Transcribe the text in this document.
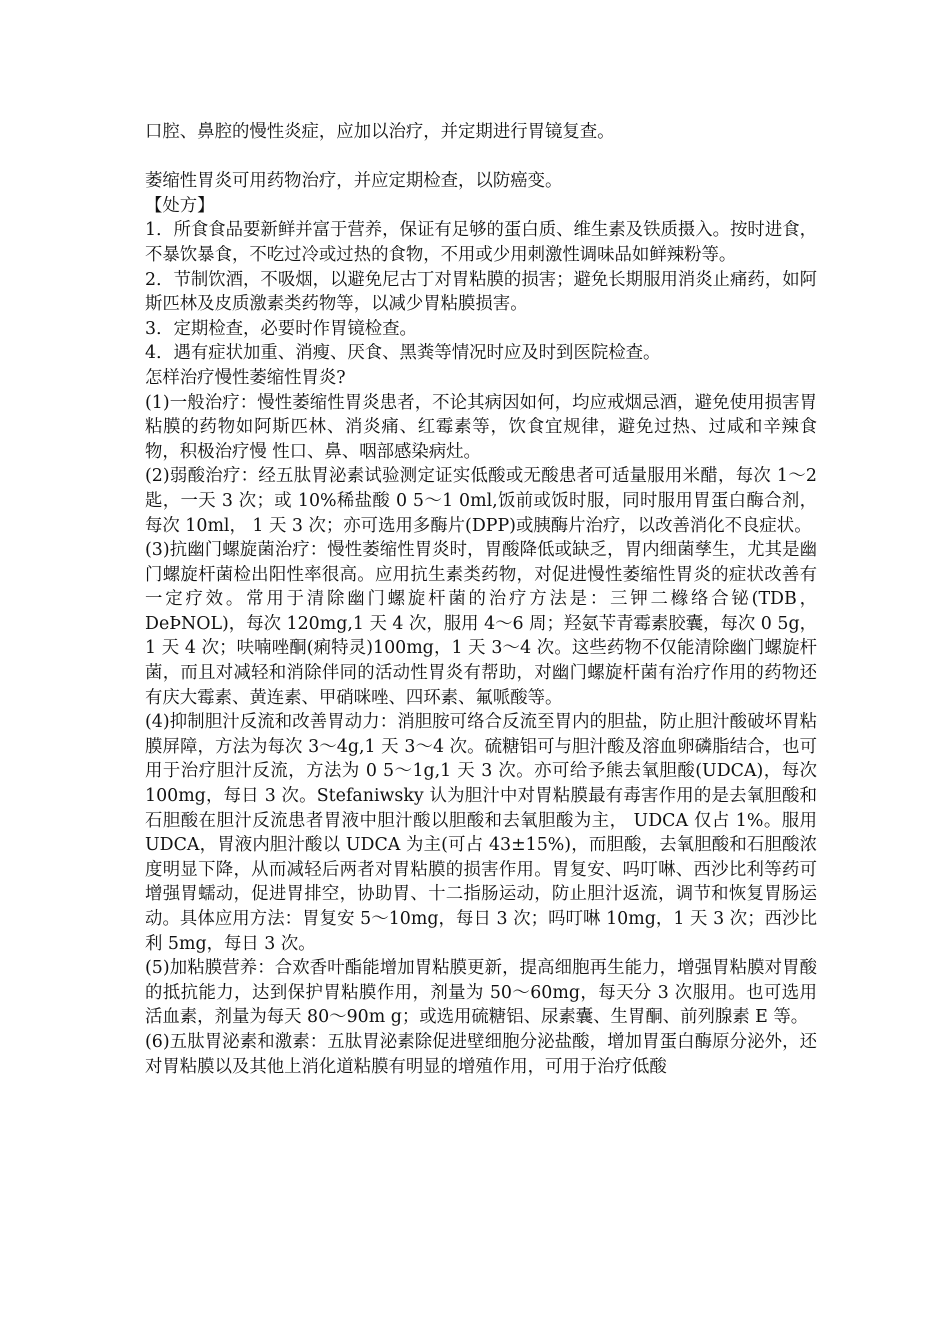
口腔、鼻腔的慢性炎症，应加以治疗，并定期进行胃镜复查。

萎缩性胃炎可用药物治疗，并应定期检查，以防癌变。

【处方】

1．所食食品要新鲜并富于营养，保证有足够的蛋白质、维生素及铁质摄入。按时进食，不暴饮暴食，不吃过冷或过热的食物，不用或少用刺激性调味品如鲜辣粉等。

2．节制饮酒，不吸烟，以避免尼古丁对胃粘膜的损害；避免长期服用消炎止痛药，如阿斯匹林及皮质激素类药物等，以减少胃粘膜损害。

3．定期检查，必要时作胃镜检查。

4．遇有症状加重、消瘦、厌食、黑粪等情况时应及时到医院检查。

怎样治疗慢性萎缩性胃炎?

(1)一般治疗：慢性萎缩性胃炎患者，不论其病因如何，均应戒烟忌酒，避免使用损害胃粘膜的药物如阿斯匹林、消炎痛、红霉素等，饮食宜规律，避免过热、过咸和辛辣食物，积极治疗慢 性口、鼻、咽部感染病灶。

(2)弱酸治疗：经五肽胃泌素试验测定证实低酸或无酸患者可适量服用米醋，每次 1～2 匙，一天 3 次；或 10%稀盐酸 0 5～1 0ml,饭前或饭时服，同时服用胃蛋白酶合剂，每次 10ml， 1 天 3 次；亦可选用多酶片(DPP)或胰酶片治疗，以改善消化不良症状。

(3)抗幽门螺旋菌治疗：慢性萎缩性胃炎时，胃酸降低或缺乏，胃内细菌孳生，尤其是幽门螺旋杆菌检出阳性率很高。应用抗生素类药物，对促进慢性萎缩性胃炎的症状改善有一定疗效。常用于清除幽门螺旋杆菌的治疗方法是：三钾二橼络合铋(TDB，DeÞNOL)，每次 120mg,1 天 4 次，服用 4～6 周；羟氨苄青霉素胶囊，每次 0 5g，1 天 4 次；呋喃唑酮(痢特灵)100mg，1 天 3～4 次。这些药物不仅能清除幽门螺旋杆菌，而且对减轻和消除伴同的活动性胃炎有帮助，对幽门螺旋杆菌有治疗作用的药物还有庆大霉素、黄连素、甲硝咪唑、四环素、氟哌酸等。

(4)抑制胆汁反流和改善胃动力：消胆胺可络合反流至胃内的胆盐，防止胆汁酸破坏胃粘膜屏障，方法为每次 3～4g,1 天 3～4 次。硫糖铝可与胆汁酸及溶血卵磷脂结合，也可用于治疗胆汁反流，方法为 0 5～1g,1 天 3 次。亦可给予熊去氧胆酸(UDCA)，每次 100mg，每日 3 次。Stefaniwsky 认为胆汁中对胃粘膜最有毒害作用的是去氧胆酸和石胆酸在胆汁反流患者胃液中胆汁酸以胆酸和去氧胆酸为主， UDCA 仅占 1%。服用 UDCA，胃液内胆汁酸以 UDCA 为主(可占 43±15%)，而胆酸，去氧胆酸和石胆酸浓度明显下降，从而减轻后两者对胃粘膜的损害作用。胃复安、吗叮啉、西沙比利等药可增强胃蠕动，促进胃排空，协助胃、十二指肠运动，防止胆汁返流，调节和恢复胃肠运动。具体应用方法：胃复安 5～10mg，每日 3 次；吗叮啉 10mg，1 天 3 次；西沙比利 5mg，每日 3 次。

(5)加粘膜营养：合欢香叶酯能增加胃粘膜更新，提高细胞再生能力，增强胃粘膜对胃酸的抵抗能力，达到保护胃粘膜作用，剂量为 50～60mg，每天分 3 次服用。也可选用活血素，剂量为每天 80～90m g；或选用硫糖铝、尿素囊、生胃酮、前列腺素 E 等。

(6)五肽胃泌素和激素：五肽胃泌素除促进壁细胞分泌盐酸，增加胃蛋白酶原分泌外，还对胃粘膜以及其他上消化道粘膜有明显的增殖作用，可用于治疗低酸
